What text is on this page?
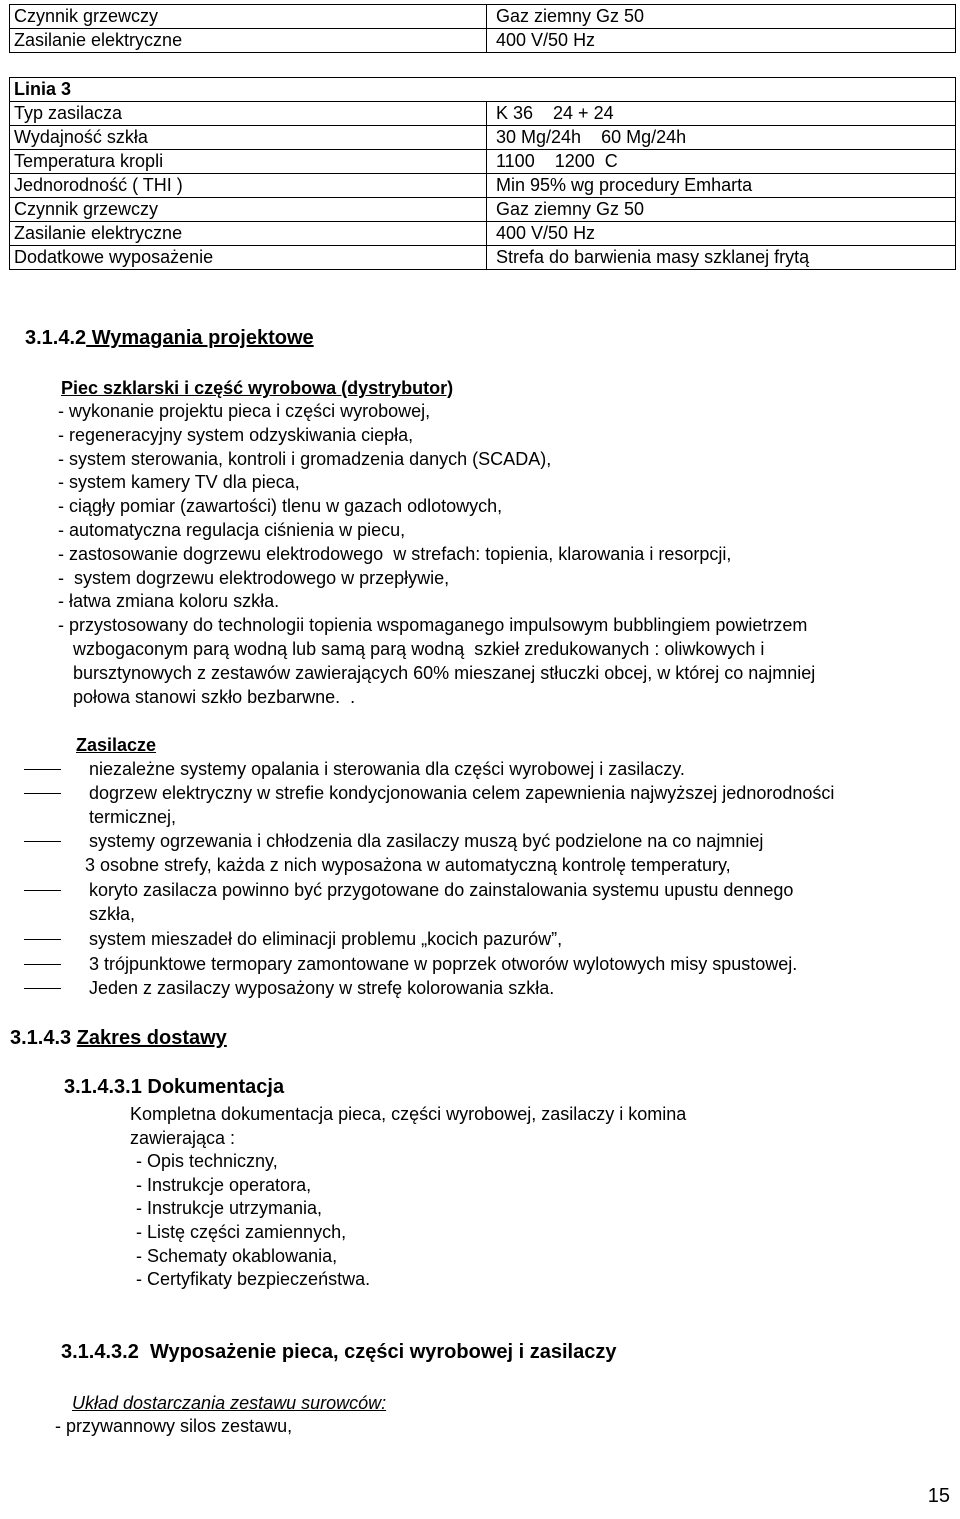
Czynnik grzewczy	Gaz ziemny Gz 50
Zasilanie elektryczne	400 V/50 Hz
Linia 3	
Typ zasilacza	K 36    24 + 24
Wydajność szkła	30 Mg/24h    60 Mg/24h
Temperatura kropli	1100    1200  C
Jednorodność ( THI )	Min 95% wg procedury Emharta
Czynnik grzewczy	Gaz ziemny Gz 50
Zasilanie elektryczne	400 V/50 Hz
Dodatkowe wyposażenie	Strefa do barwienia masy szklanej frytą
3.1.4.2 Wymagania projektowe
Piec szklarski i część wyrobowa (dystrybutor)
- wykonanie projektu pieca i części wyrobowej,
- regeneracyjny system odzyskiwania ciepła,
- system sterowania, kontroli i gromadzenia danych (SCADA),
- system kamery TV dla pieca,
- ciągły pomiar (zawartości) tlenu w gazach odlotowych,
- automatyczna regulacja ciśnienia w piecu,
- zastosowanie dogrzewu elektrodowego  w strefach: topienia, klarowania i resorpcji,
-  system dogrzewu elektrodowego w przepływie,
- łatwa zmiana koloru szkła.
- przystosowany do technologii topienia wspomaganego impulsowym bubblingiem powietrzem
wzbogaconym parą wodną lub samą parą wodną  szkieł zredukowanych : oliwkowych i
bursztynowych z zestawów zawierających 60% mieszanej stłuczki obcej, w której co najmniej
połowa stanowi szkło bezbarwne.  .
Zasilacze
niezależne systemy opalania i sterowania dla części wyrobowej i zasilaczy.
dogrzew elektryczny w strefie kondycjonowania celem zapewnienia najwyższej jednorodności
termicznej,
systemy ogrzewania i chłodzenia dla zasilaczy muszą być podzielone na co najmniej
3 osobne strefy, każda z nich wyposażona w automatyczną kontrolę temperatury,
koryto zasilacza powinno być przygotowane do zainstalowania systemu upustu dennego
szkła,
system mieszadeł do eliminacji problemu „kocich pazurów”,
3 trójpunktowe termopary zamontowane w poprzek otworów wylotowych misy spustowej.
Jeden z zasilaczy wyposażony w strefę kolorowania szkła.
3.1.4.3 Zakres dostawy
3.1.4.3.1 Dokumentacja
Kompletna dokumentacja pieca, części wyrobowej, zasilaczy i komina
zawierająca :
- Opis techniczny,
- Instrukcje operatora,
- Instrukcje utrzymania,
- Listę części zamiennych,
- Schematy okablowania,
- Certyfikaty bezpieczeństwa.
3.1.4.3.2  Wyposażenie pieca, części wyrobowej i zasilaczy
Układ dostarczania zestawu surowców:
- przywannowy silos zestawu,
15
